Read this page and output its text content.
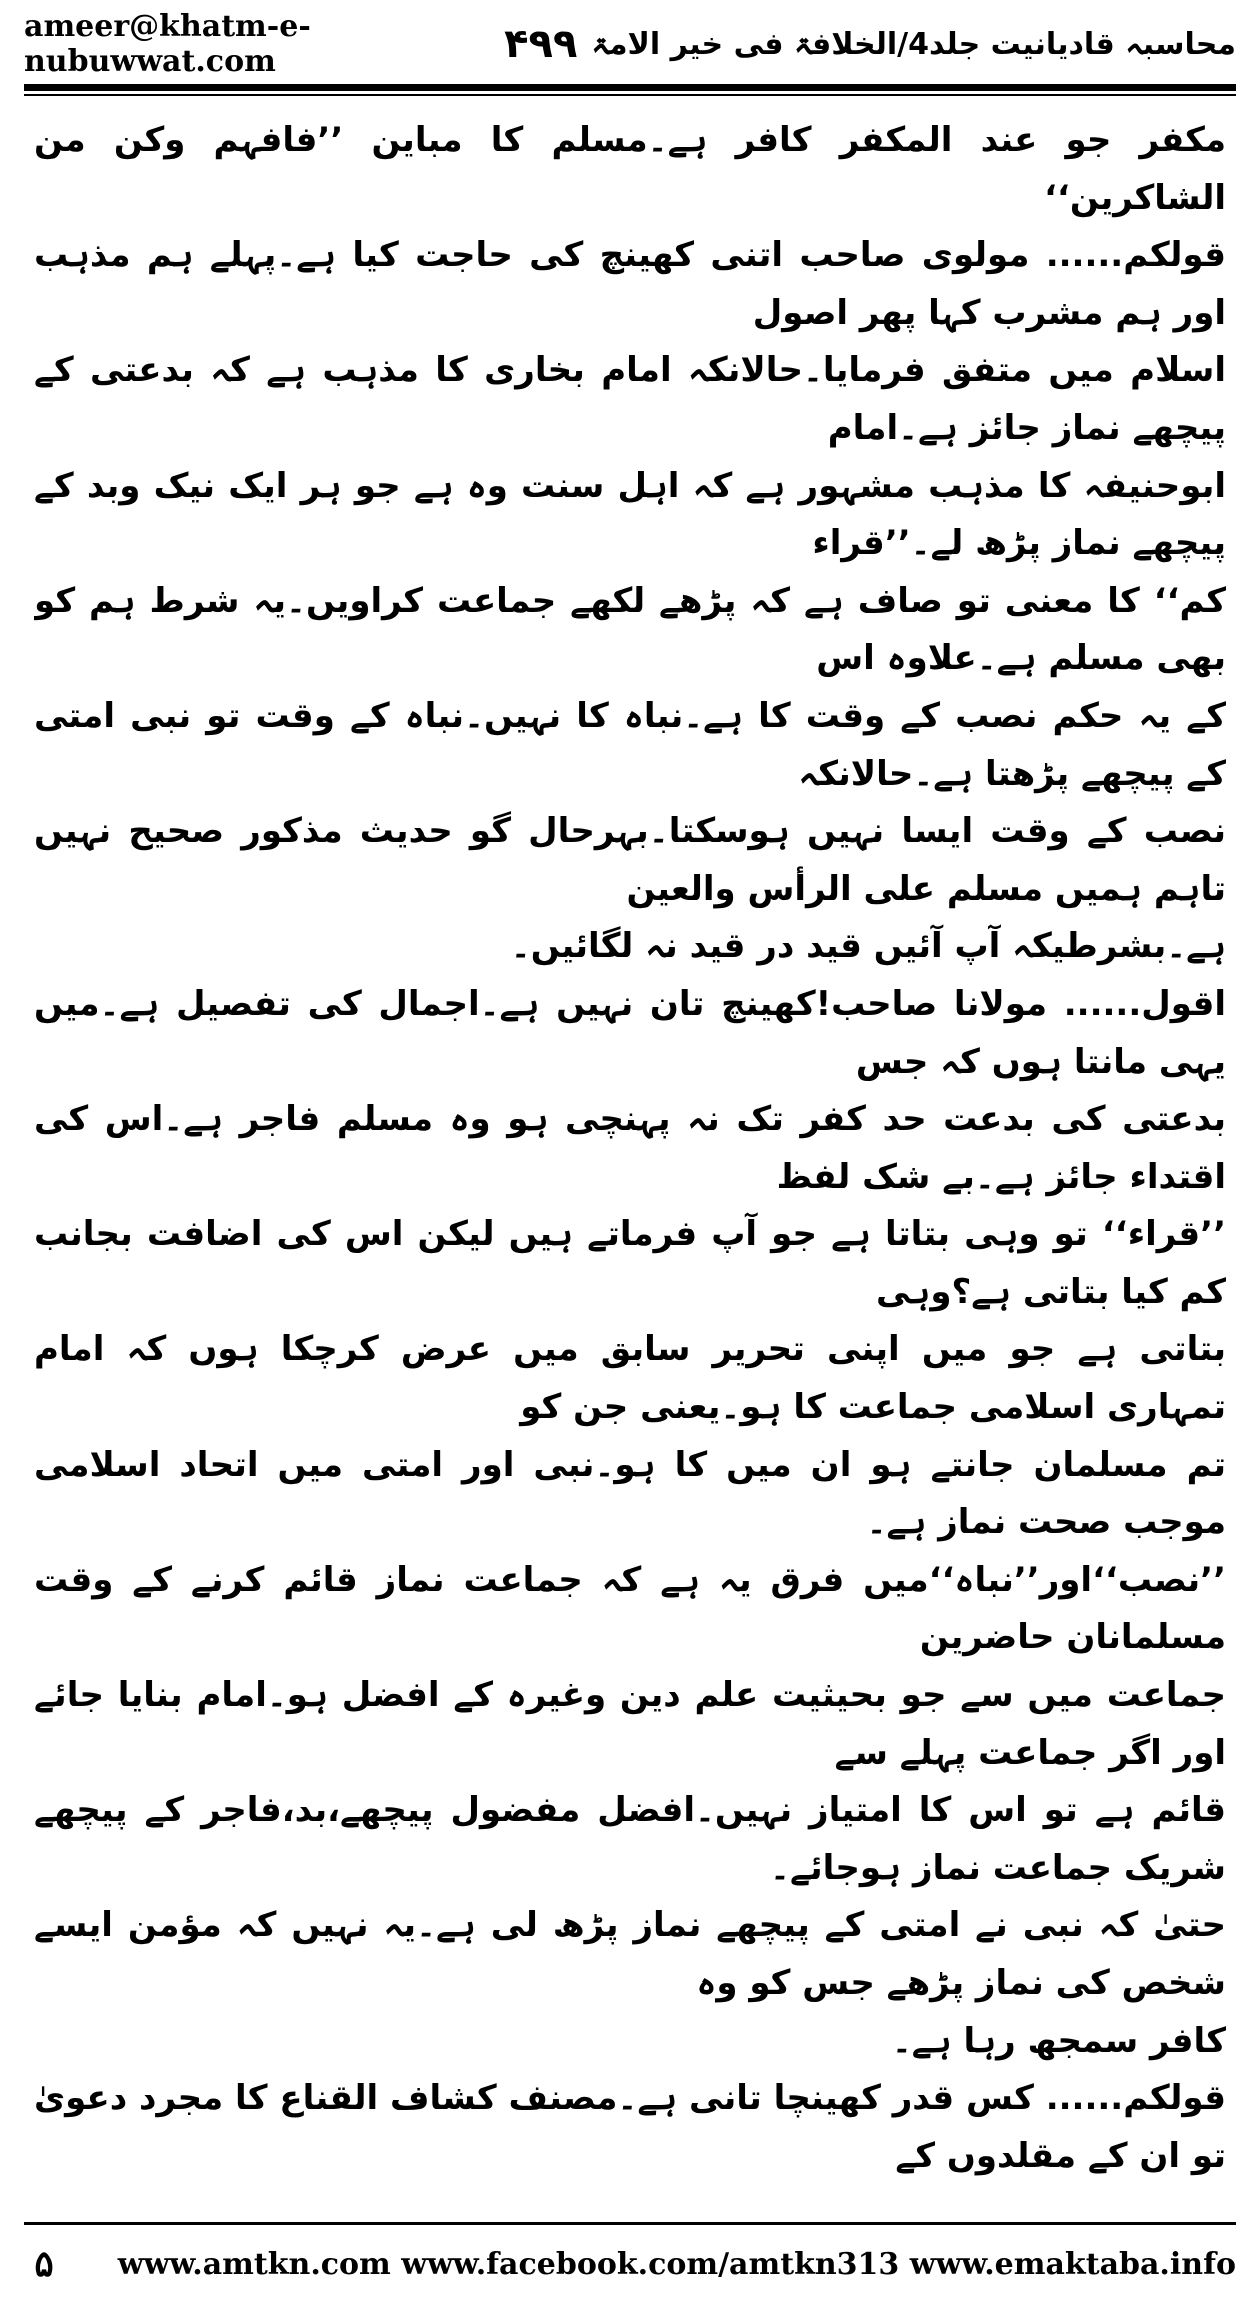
ameer@khatm-e-nubuwwat.com	محاسبہ قادیانیت جلد4/الخلافۃ فی خیر الامۃ
۴۹۹

مکفر جو عند المکفر کافر ہے۔مسلم کا مباین ’’فافہم وکن من الشاکرین‘‘

قولکم...... مولوی صاحب اتنی کھینچ کی حاجت کیا ہے۔پہلے ہم مذہب اور ہم مشرب کہا پھر اصول

اسلام میں متفق فرمایا۔حالانکہ امام بخاری کا مذہب ہے کہ بدعتی کے پیچھے نماز جائز ہے۔امام

ابوحنیفہ کا مذہب مشہور ہے کہ اہل سنت وہ ہے جو ہر ایک نیک وبد کے پیچھے نماز پڑھ لے۔’’قراء

کم‘‘ کا معنی تو صاف ہے کہ پڑھے لکھے جماعت کراویں۔یہ شرط ہم کو بھی مسلم ہے۔علاوہ اس

کے یہ حکم نصب کے وقت کا ہے۔نباہ کا نہیں۔نباہ کے وقت تو نبی امتی کے پیچھے پڑھتا ہے۔حالانکہ

نصب کے وقت ایسا نہیں ہوسکتا۔بہرحال گو حدیث مذکور صحیح نہیں تاہم ہمیں مسلم علی الرأس والعین

ہے۔بشرطیکہ آپ آئیں قید در قید نہ لگائیں۔

اقول...... مولانا صاحب!کھینچ تان نہیں ہے۔اجمال کی تفصیل ہے۔میں یہی مانتا ہوں کہ جس

بدعتی کی بدعت حد کفر تک نہ پہنچی ہو وہ مسلم فاجر ہے۔اس کی اقتداء جائز ہے۔بے شک لفظ

’’قراء‘‘ تو وہی بتاتا ہے جو آپ فرماتے ہیں لیکن اس کی اضافت بجانب کم کیا بتاتی ہے؟وہی

بتاتی ہے جو میں اپنی تحریر سابق میں عرض کرچکا ہوں کہ امام تمہاری اسلامی جماعت کا ہو۔یعنی جن کو

تم مسلمان جانتے ہو ان میں کا ہو۔نبی اور امتی میں اتحاد اسلامی موجب صحت نماز ہے۔

’’نصب‘‘اور’’نباہ‘‘میں فرق یہ ہے کہ جماعت نماز قائم کرنے کے وقت مسلمانان حاضرین

جماعت میں سے جو بحیثیت علم دین وغیرہ کے افضل ہو۔امام بنایا جائے اور اگر جماعت پہلے سے

قائم ہے تو اس کا امتیاز نہیں۔افضل مفضول پیچھے،بد،فاجر کے پیچھے شریک جماعت نماز ہوجائے۔

حتیٰ کہ نبی نے امتی کے پیچھے نماز پڑھ لی ہے۔یہ نہیں کہ مؤمن ایسے شخص کی نماز پڑھے جس کو وہ

کافر سمجھ رہا ہے۔

قولکم...... کس قدر کھینچا تانی ہے۔مصنف کشاف القناع کا مجرد دعویٰ تو ان کے مقلدوں کے

۵	www.amtkn.com www.facebook.com/amtkn313 www.emaktaba.info
